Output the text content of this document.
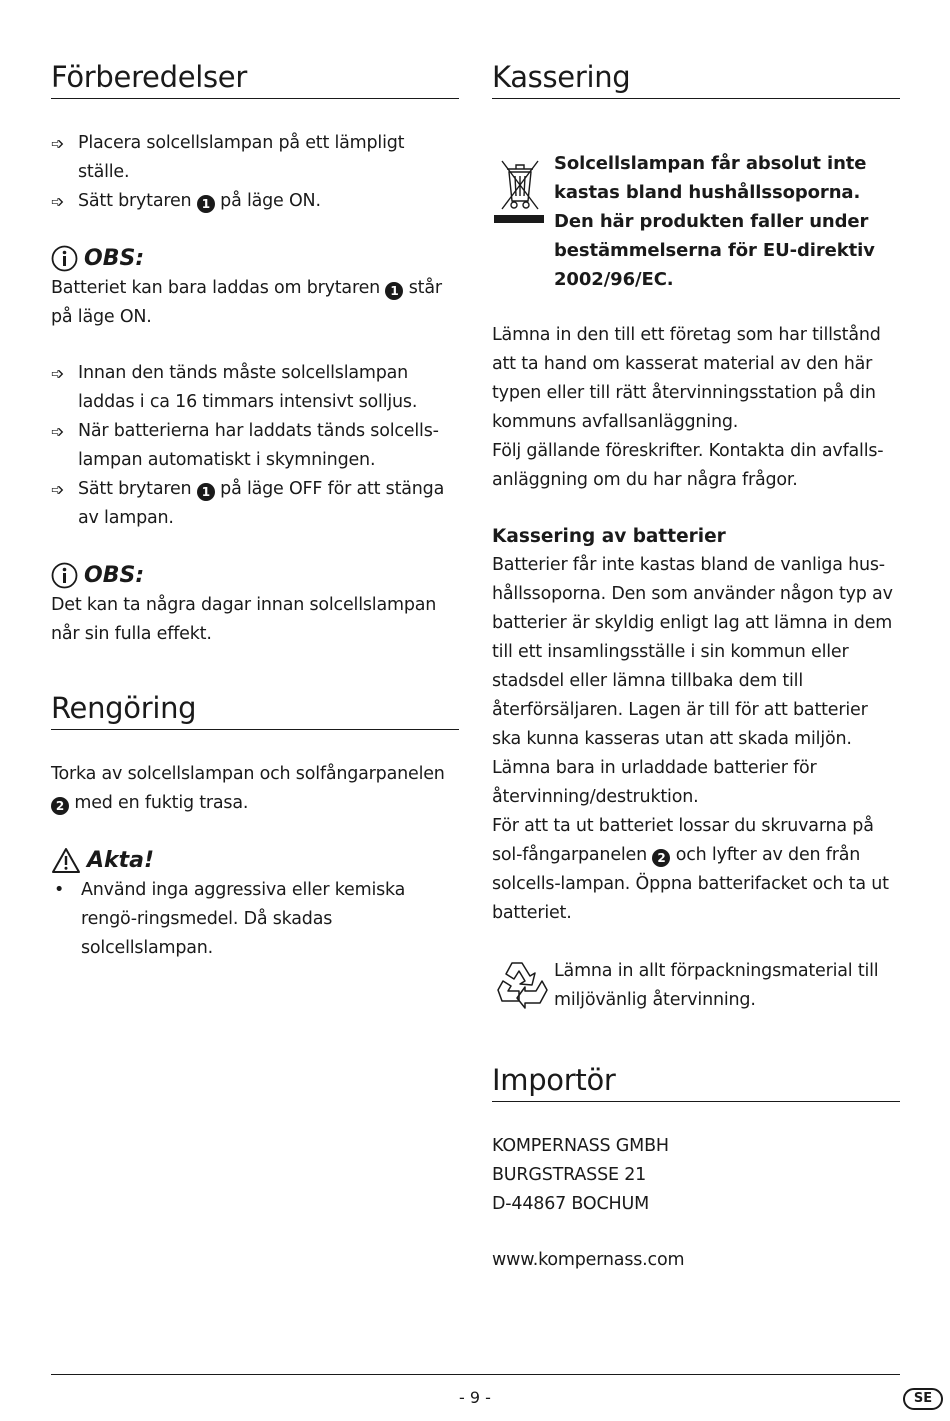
Förberedelser
➩ Placera solcellslampan på ett lämpligt ställe.
➩ Sätt brytaren 1 på läge ON.
OBS:

Batteriet kan bara laddas om brytaren 1 står på läge ON.

➩ Innan den tänds måste solcellslampan laddas i ca 16 timmars intensivt solljus.
➩ När batterierna har laddats tänds solcells-lampan automatiskt i skymningen.
➩ Sätt brytaren 1 på läge OFF för att stänga av lampan.
OBS:

Det kan ta några dagar innan solcellslampan når sin fulla effekt.

Rengöring

Torka av solcellslampan och solfångarpanelen 2 med en fuktig trasa.

Akta!
• Använd inga aggressiva eller kemiska rengö-ringsmedel. Då skadas solcellslampan.
Kassering
Solcellslampan får absolut inte kastas bland hushållssoporna. Den här produkten faller under bestämmelserna för EU-direktiv 2002/96/EC.

Lämna in den till ett företag som har tillstånd att ta hand om kasserat material av den här typen eller till rätt återvinningsstation på din kommuns avfallsanläggning.

Följ gällande föreskrifter. Kontakta din avfalls-anläggning om du har några frågor.

Kassering av batterier

Batterier får inte kastas bland de vanliga hus-hållssoporna. Den som använder någon typ av batterier är skyldig enligt lag att lämna in dem till ett insamlingsställe i sin kommun eller stadsdel eller lämna tillbaka dem till återförsäljaren. Lagen är till för att batterier ska kunna kasseras utan att skada miljön. Lämna bara in urladdade batterier för återvinning/destruktion.

För att ta ut batteriet lossar du skruvarna på sol-fångarpanelen 2 och lyfter av den från solcells-lampan. Öppna batterifacket och ta ut batteriet.

Lämna in allt förpackningsmaterial till miljövänlig återvinning.

Importör

KOMPERNASS GMBH

BURGSTRASSE 21

D-44867 BOCHUM

www.kompernass.com

- 9 -	SE
